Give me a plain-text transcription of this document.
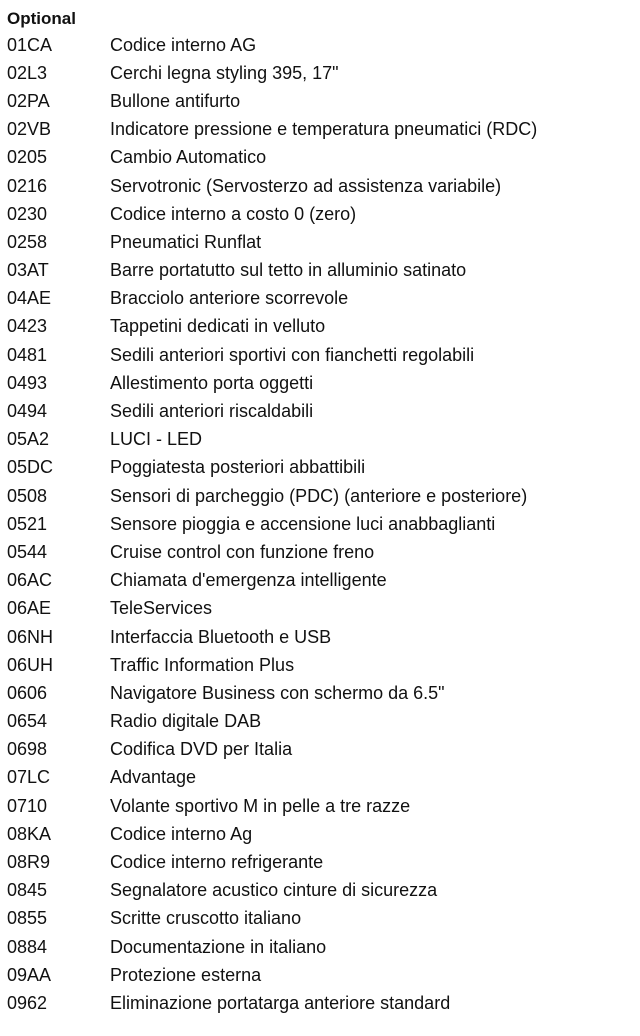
Optional
01CA	Codice interno AG
02L3	Cerchi legna styling 395, 17"
02PA	Bullone antifurto
02VB	Indicatore pressione e temperatura pneumatici (RDC)
0205	Cambio Automatico
0216	Servotronic (Servosterzo ad assistenza variabile)
0230	Codice interno a costo 0 (zero)
0258	Pneumatici Runflat
03AT	Barre portatutto sul tetto in alluminio satinato
04AE	Bracciolo anteriore scorrevole
0423	Tappetini dedicati in velluto
0481	Sedili anteriori sportivi con fianchetti regolabili
0493	Allestimento porta oggetti
0494	Sedili anteriori riscaldabili
05A2	LUCI - LED
05DC	Poggiatesta posteriori abbattibili
0508	Sensori di parcheggio (PDC) (anteriore e posteriore)
0521	Sensore pioggia e accensione luci anabbaglianti
0544	Cruise control con funzione freno
06AC	Chiamata d'emergenza intelligente
06AE	TeleServices
06NH	Interfaccia Bluetooth e USB
06UH	Traffic Information Plus
0606	Navigatore Business con schermo da 6.5"
0654	Radio digitale DAB
0698	Codifica DVD per Italia
07LC	Advantage
0710	Volante sportivo M in pelle a tre razze
08KA	Codice interno Ag
08R9	Codice interno refrigerante
0845	Segnalatore acustico cinture di sicurezza
0855	Scritte cruscotto italiano
0884	Documentazione in italiano
09AA	Protezione esterna
0962	Eliminazione portatarga anteriore standard
